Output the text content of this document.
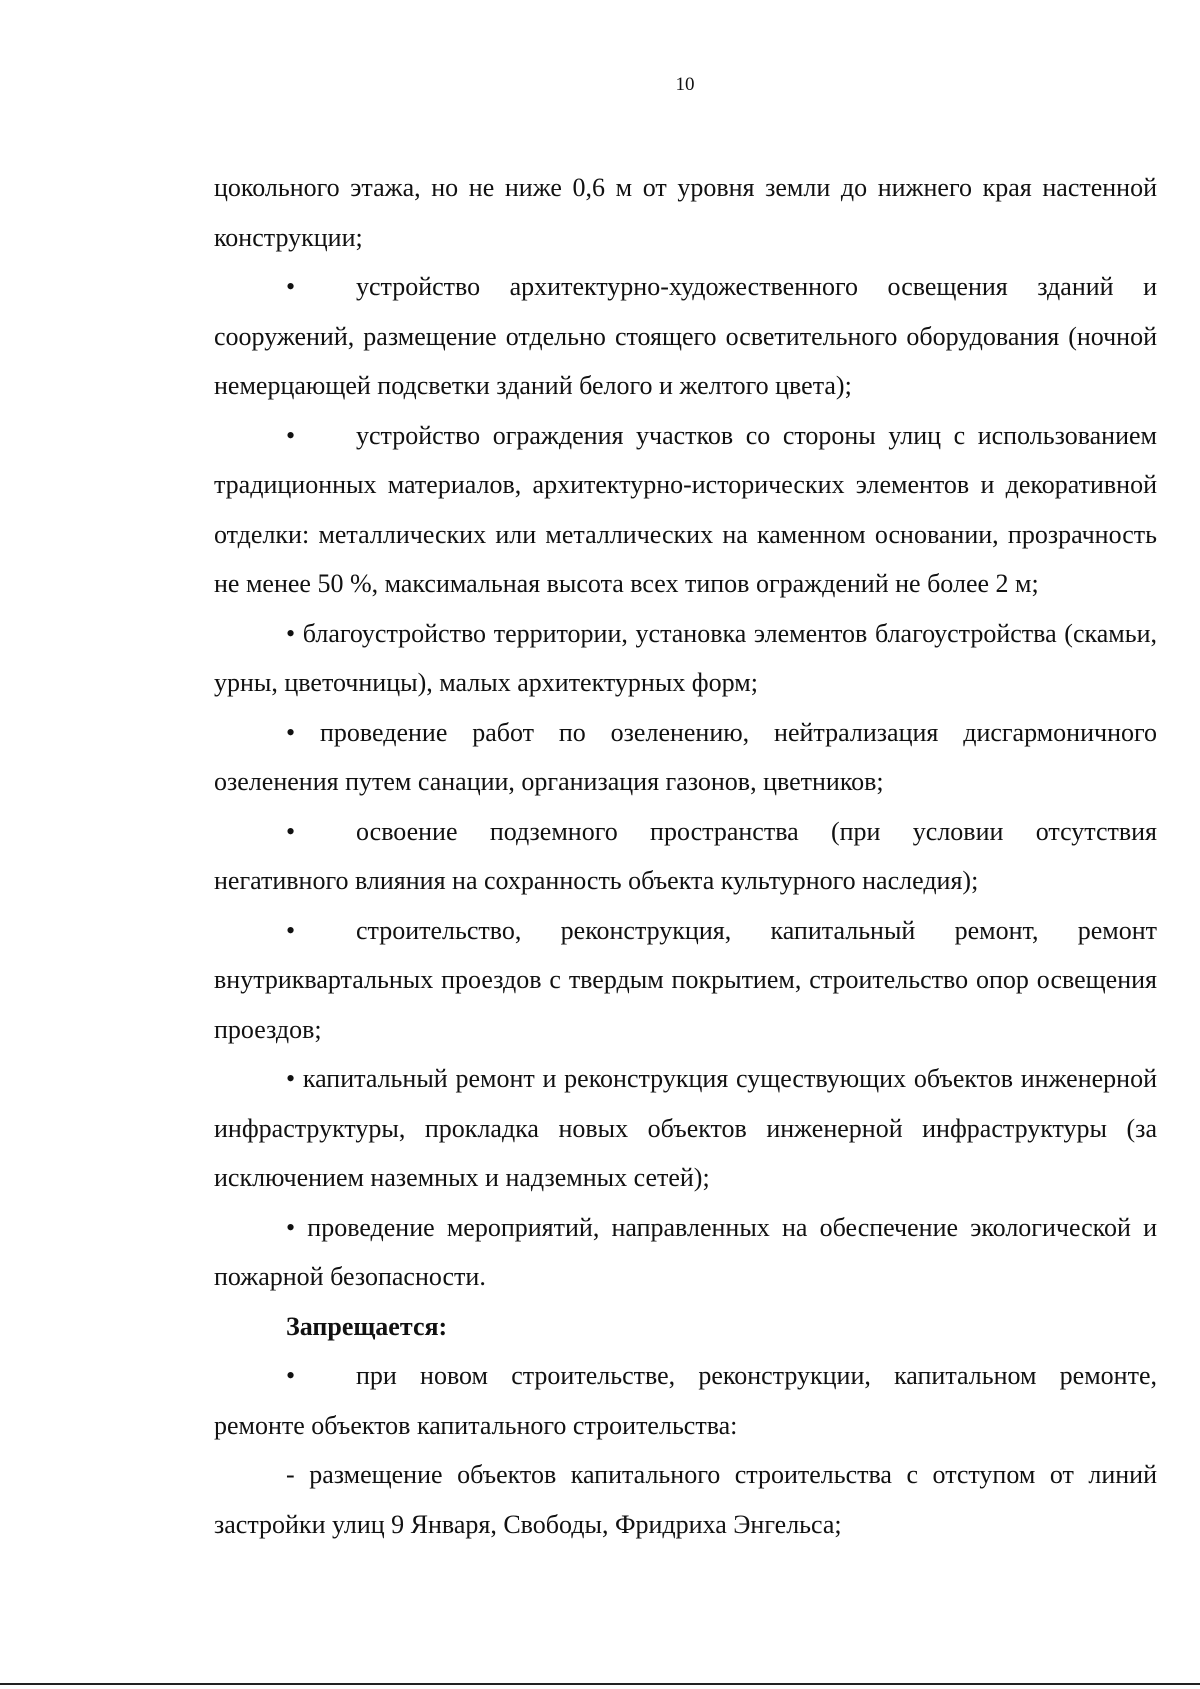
10

цокольного этажа, но не ниже 0,6 м от уровня земли до нижнего края настенной конструкции;

• устройство архитектурно-художественного освещения зданий и сооружений, размещение отдельно стоящего осветительного оборудования (ночной немерцающей подсветки зданий белого и желтого цвета);

• устройство ограждения участков со стороны улиц с использованием традиционных материалов, архитектурно-исторических элементов и декоративной отделки: металлических или металлических на каменном основании, прозрачность не менее 50 %, максимальная высота всех типов ограждений не более 2 м;

• благоустройство территории, установка элементов благоустройства (скамьи, урны, цветочницы), малых архитектурных форм;

• проведение работ по озеленению, нейтрализация дисгармоничного озеленения путем санации, организация газонов, цветников;

• освоение подземного пространства (при условии отсутствия негативного влияния на сохранность объекта культурного наследия);

• строительство, реконструкция, капитальный ремонт, ремонт внутриквартальных проездов с твердым покрытием, строительство опор освещения проездов;

• капитальный ремонт и реконструкция существующих объектов инженерной инфраструктуры, прокладка новых объектов инженерной инфраструктуры (за исключением наземных и надземных сетей);

• проведение мероприятий, направленных на обеспечение экологической и пожарной безопасности.

Запрещается:

• при новом строительстве, реконструкции, капитальном ремонте, ремонте объектов капитального строительства:

- размещение объектов капитального строительства с отступом от линий застройки улиц 9 Января, Свободы, Фридриха Энгельса;
